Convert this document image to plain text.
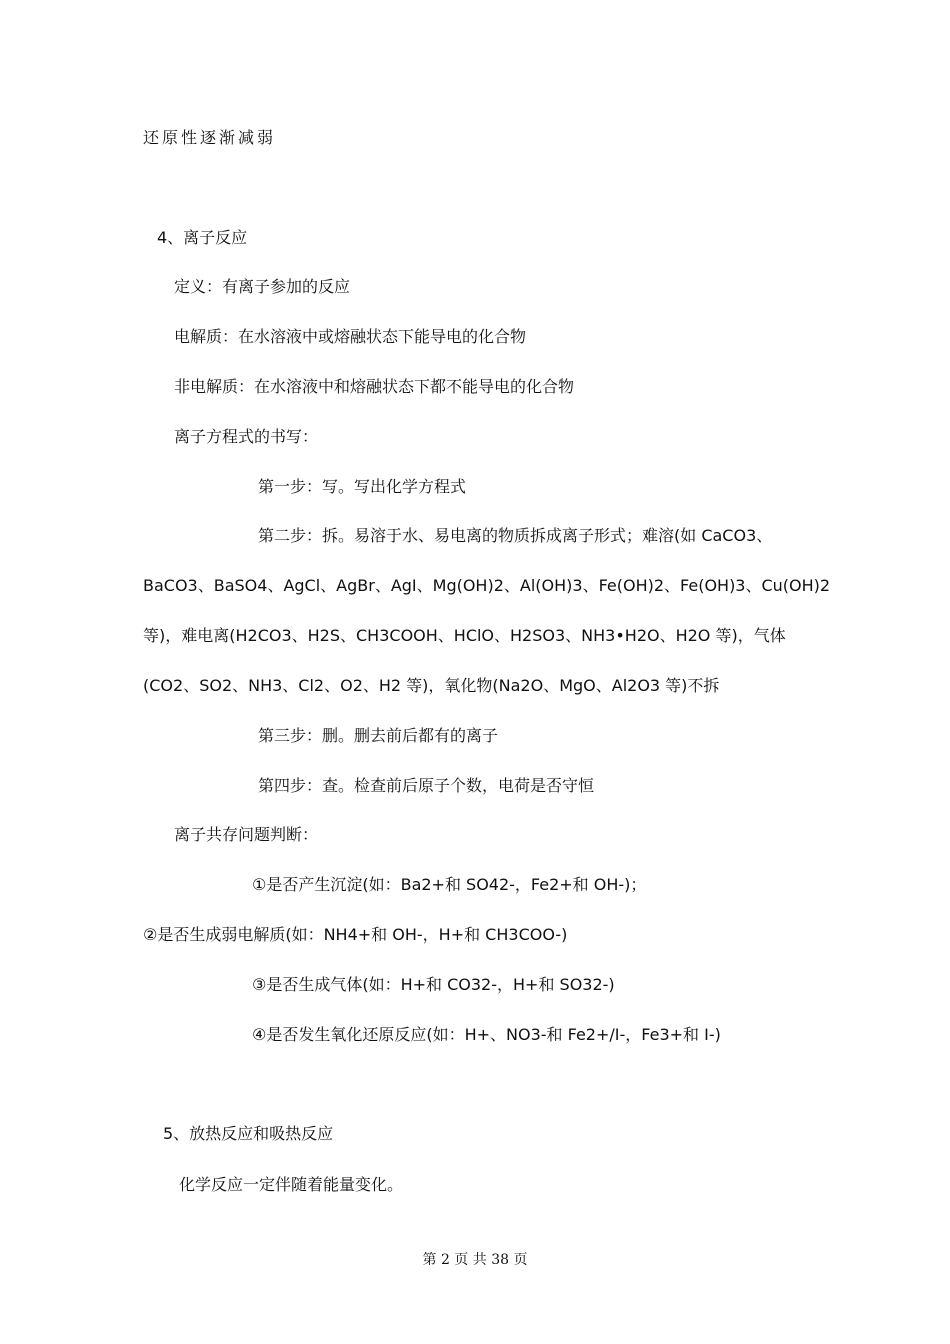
还原性逐渐减弱
4、离子反应
定义：有离子参加的反应
电解质：在水溶液中或熔融状态下能导电的化合物
非电解质：在水溶液中和熔融状态下都不能导电的化合物
离子方程式的书写：
第一步：写。写出化学方程式
第二步：拆。易溶于水、易电离的物质拆成离子形式；难溶(如 CaCO3、
BaCO3、BaSO4、AgCl、AgBr、AgI、Mg(OH)2、Al(OH)3、Fe(OH)2、Fe(OH)3、Cu(OH)2
等)，难电离(H2CO3、H2S、CH3COOH、HClO、H2SO3、NH3•H2O、H2O 等)，气体
(CO2、SO2、NH3、Cl2、O2、H2 等)，氧化物(Na2O、MgO、Al2O3 等)不拆
第三步：删。删去前后都有的离子
第四步：查。检查前后原子个数，电荷是否守恒
离子共存问题判断：
①是否产生沉淀(如：Ba2+和 SO42-，Fe2+和 OH-)；
②是否生成弱电解质(如：NH4+和 OH-，H+和 CH3COO-)
③是否生成气体(如：H+和 CO32-，H+和 SO32-)
④是否发生氧化还原反应(如：H+、NO3-和 Fe2+/I-，Fe3+和 I-)
5、放热反应和吸热反应
化学反应一定伴随着能量变化。
第 2 页 共 38 页
